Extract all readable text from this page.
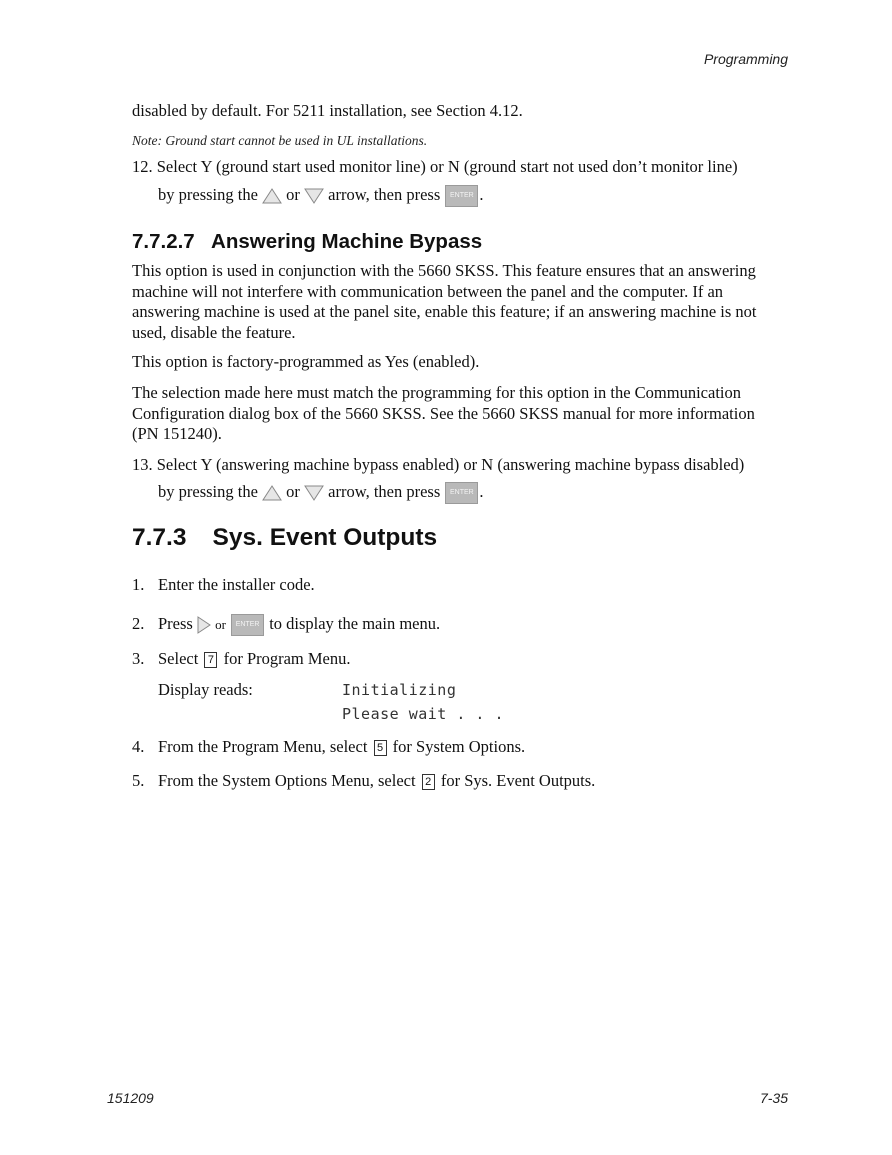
Programming
disabled by default. For 5211 installation, see Section 4.12.
Note: Ground start cannot be used in UL installations.
12. Select Y (ground start used monitor line) or N (ground start not used don’t monitor line)
by pressing the or arrow, then press ENTER .
7.7.2.7   Answering Machine Bypass
This option is used in conjunction with the 5660 SKSS. This feature ensures that an answering
machine will not interfere with communication between the panel and the computer. If an
answering machine is used at the panel site, enable this feature; if an answering machine is not
used, disable the feature.
This option is factory-programmed as Yes (enabled).
The selection made here must match the programming for this option in the Communication
Configuration dialog box of the 5660 SKSS. See the 5660 SKSS manual for more information
(PN 151240).
13. Select Y (answering machine bypass enabled) or N (answering machine bypass disabled)
by pressing the or arrow, then press ENTER .
7.7.3 Sys. Event Outputs
1. Enter the installer code.
2. Press or ENTER to display the main menu.
3. Select 7 for Program Menu.
Display reads:	Initializing
Please wait . . .
4. From the Program Menu, select 5 for System Options.
5. From the System Options Menu, select 2 for Sys. Event Outputs.
151209	7-35
